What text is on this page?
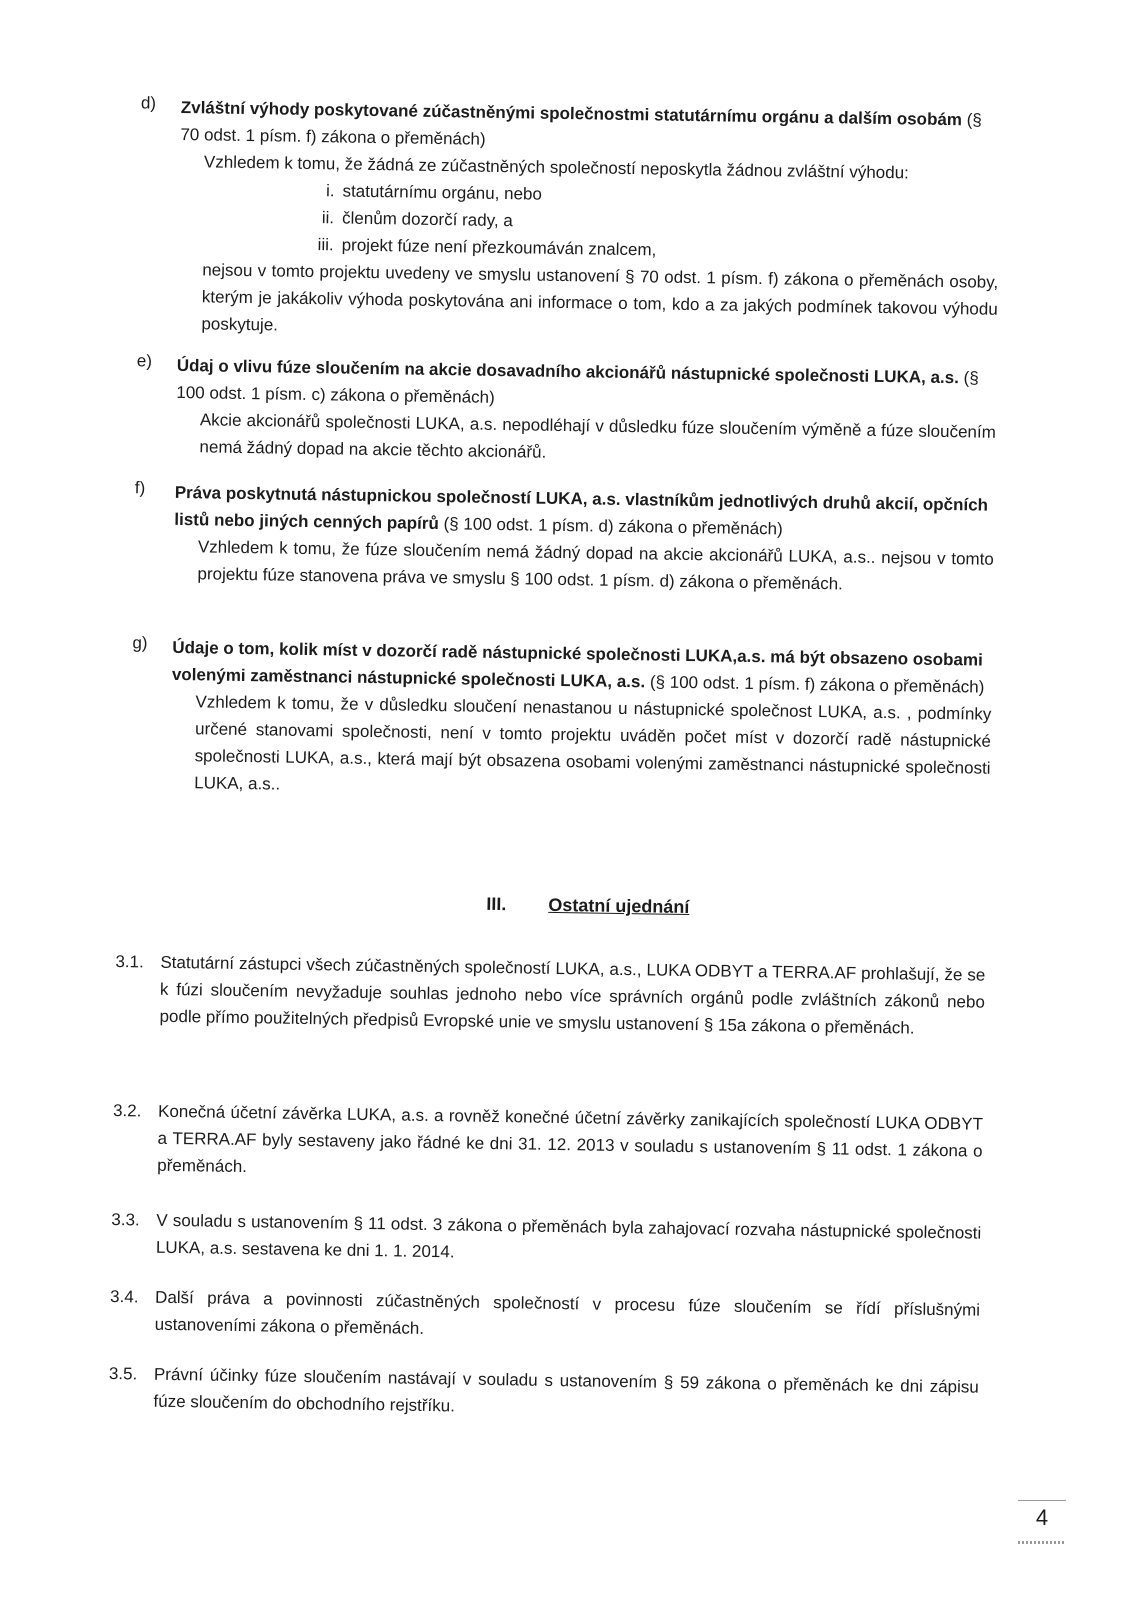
d) Zvláštní výhody poskytované zúčastněnými společnostmi statutárnímu orgánu a dalším osobám (§ 70 odst. 1 písm. f) zákona o přeměnách)
Vzhledem k tomu, že žádná ze zúčastněných společností neposkytla žádnou zvláštní výhodu:
i. statutárnímu orgánu, nebo
ii. členům dozorčí rady, a
iii. projekt fúze není přezkoumáván znalcem,
nejsou v tomto projektu uvedeny ve smyslu ustanovení § 70 odst. 1 písm. f) zákona o přeměnách osoby, kterým je jakákoliv výhoda poskytována ani informace o tom, kdo a za jakých podmínek takovou výhodu poskytuje.
e) Údaj o vlivu fúze sloučením na akcie dosavadního akcionářů nástupnické společnosti LUKA, a.s. (§ 100 odst. 1 písm. c) zákona o přeměnách)
Akcie akcionářů společnosti LUKA, a.s. nepodléhají v důsledku fúze sloučením výměně a fúze sloučením nemá žádný dopad na akcie těchto akcionářů.
f) Práva poskytnutá nástupnickou společností LUKA, a.s. vlastníkům jednotlivých druhů akcií, opčních listů nebo jiných cenných papírů (§ 100 odst. 1 písm. d) zákona o přeměnách)
Vzhledem k tomu, že fúze sloučením nemá žádný dopad na akcie akcionářů LUKA, a.s.. nejsou v tomto projektu fúze stanovena práva ve smyslu § 100 odst. 1 písm. d) zákona o přeměnách.
g) Údaje o tom, kolik míst v dozorčí radě nástupnické společnosti LUKA,a.s. má být obsazeno osobami volenými zaměstnanci nástupnické společnosti LUKA, a.s. (§ 100 odst. 1 písm. f) zákona o přeměnách)
Vzhledem k tomu, že v důsledku sloučení nenastanou u nástupnické společnost LUKA, a.s. , podmínky určené stanovami společnosti, není v tomto projektu uváděn počet míst v dozorčí radě nástupnické společnosti LUKA, a.s., která mají být obsazena osobami volenými zaměstnanci nástupnické společnosti LUKA, a.s..
III. Ostatní ujednání
3.1. Statutární zástupci všech zúčastněných společností LUKA, a.s., LUKA ODBYT a TERRA.AF prohlašují, že se k fúzi sloučením nevyžaduje souhlas jednoho nebo více správních orgánů podle zvláštních zákonů nebo podle přímo použitelných předpisů Evropské unie ve smyslu ustanovení § 15a zákona o přeměnách.
3.2. Konečná účetní závěrka LUKA, a.s. a rovněž konečné účetní závěrky zanikajících společností LUKA ODBYT a TERRA.AF byly sestaveny jako řádné ke dni 31. 12. 2013 v souladu s ustanovením § 11 odst. 1 zákona o přeměnách.
3.3. V souladu s ustanovením § 11 odst. 3 zákona o přeměnách byla zahajovací rozvaha nástupnické společnosti LUKA, a.s. sestavena ke dni 1. 1. 2014.
3.4. Další práva a povinnosti zúčastněných společností v procesu fúze sloučením se řídí příslušnými ustanoveními zákona o přeměnách.
3.5. Právní účinky fúze sloučením nastávají v souladu s ustanovením § 59 zákona o přeměnách ke dni zápisu fúze sloučením do obchodního rejstříku.
4
